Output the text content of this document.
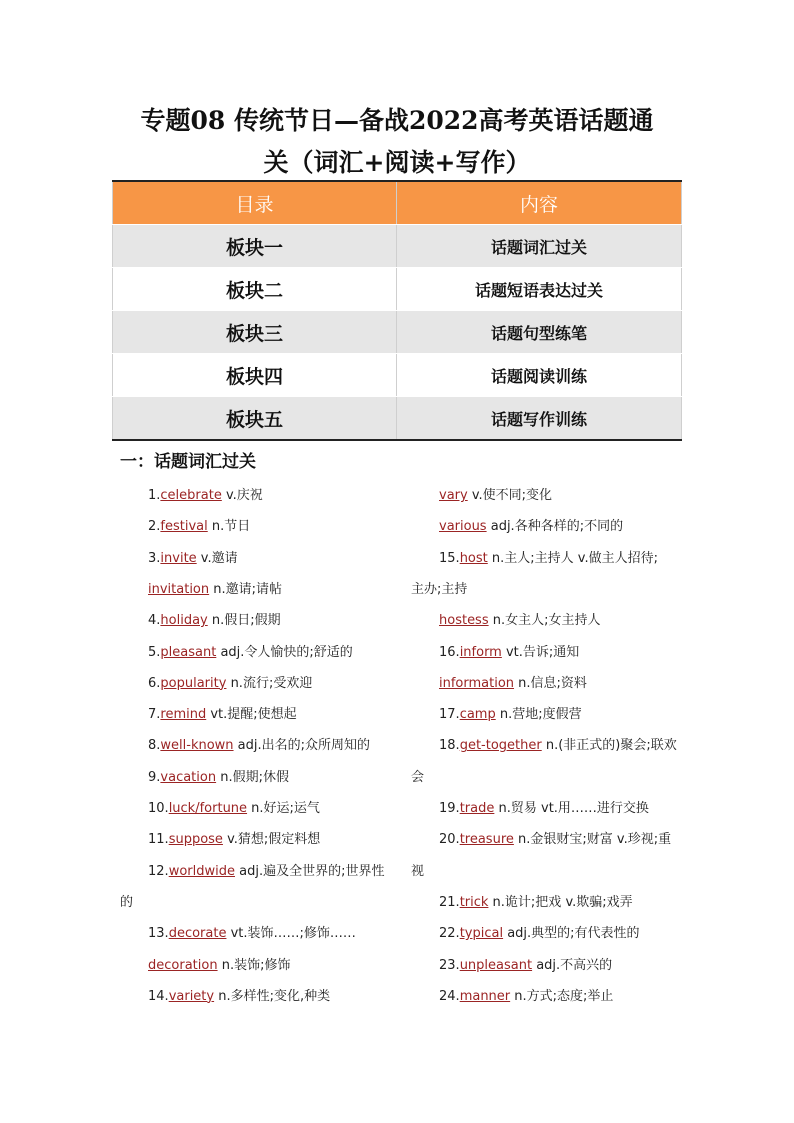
专题08 传统节日—备战2022高考英语话题通
关（词汇+阅读+写作）
目录	内容
板块一	话题词汇过关
板块二	话题短语表达过关
板块三	话题句型练笔
板块四	话题阅读训练
板块五	话题写作训练
一：话题词汇过关
1.celebrate v.庆祝
2.festival n.节日
3.invite v.邀请
invitation n.邀请;请帖
4.holiday n.假日;假期
5.pleasant adj.令人愉快的;舒适的
6.popularity n.流行;受欢迎
7.remind vt.提醒;使想起
8.well-known adj.出名的;众所周知的
9.vacation n.假期;休假
10.luck/fortune n.好运;运气
11.suppose v.猜想;假定料想
12.worldwide adj.遍及全世界的;世界性
的
13.decorate vt.装饰……;修饰……
decoration n.装饰;修饰
14.variety n.多样性;变化,种类
vary v.使不同;变化
various adj.各种各样的;不同的
15.host n.主人;主持人 v.做主人招待;
主办;主持
hostess n.女主人;女主持人
16.inform vt.告诉;通知
information n.信息;资料
17.camp n.营地;度假营
18.get-together n.(非正式的)聚会;联欢
会
19.trade n.贸易 vt.用……进行交换
20.treasure n.金银财宝;财富 v.珍视;重
视
21.trick n.诡计;把戏 v.欺骗;戏弄
22.typical adj.典型的;有代表性的
23.unpleasant adj.不高兴的
24.manner n.方式;态度;举止
